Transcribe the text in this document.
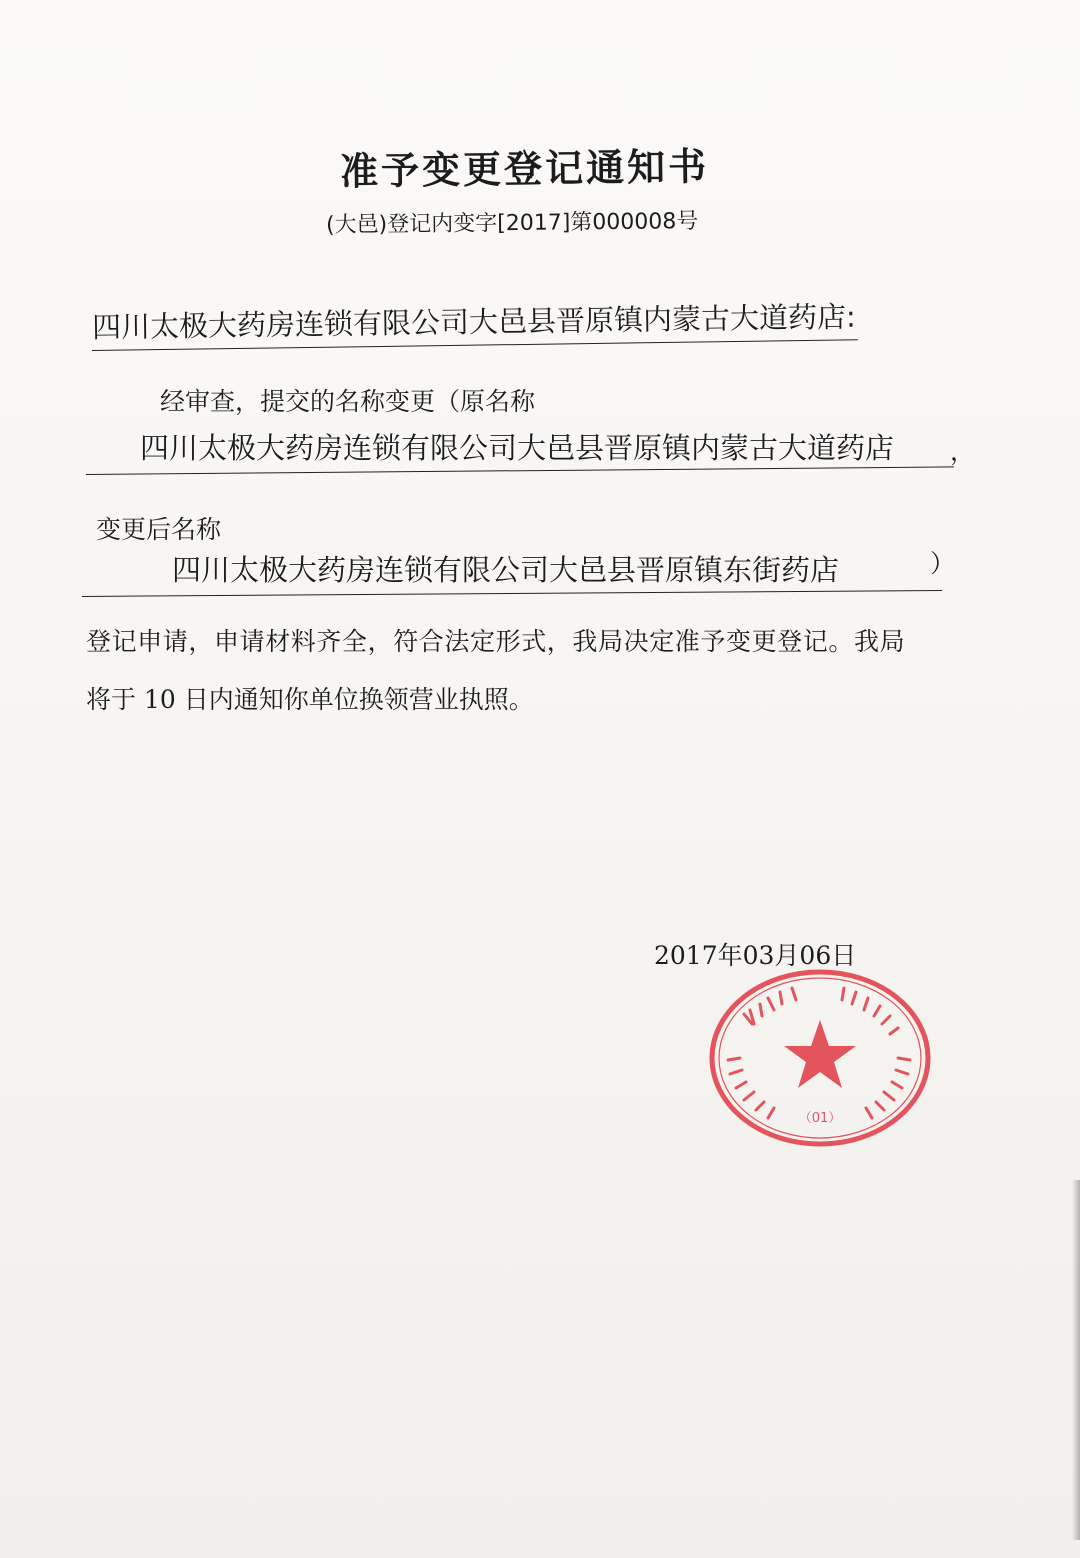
准予变更登记通知书
(大邑)登记内变字[2017]第000008号
四川太极大药房连锁有限公司大邑县晋原镇内蒙古大道药店:
经审查，提交的名称变更（原名称
四川太极大药房连锁有限公司大邑县晋原镇内蒙古大道药店 ，
变更后名称
四川太极大药房连锁有限公司大邑县晋原镇东街药店	）
登记申请，申请材料齐全，符合法定形式，我局决定准予变更登记。我局
将于 10 日内通知你单位换领营业执照。
2017年03月06日
（01）
